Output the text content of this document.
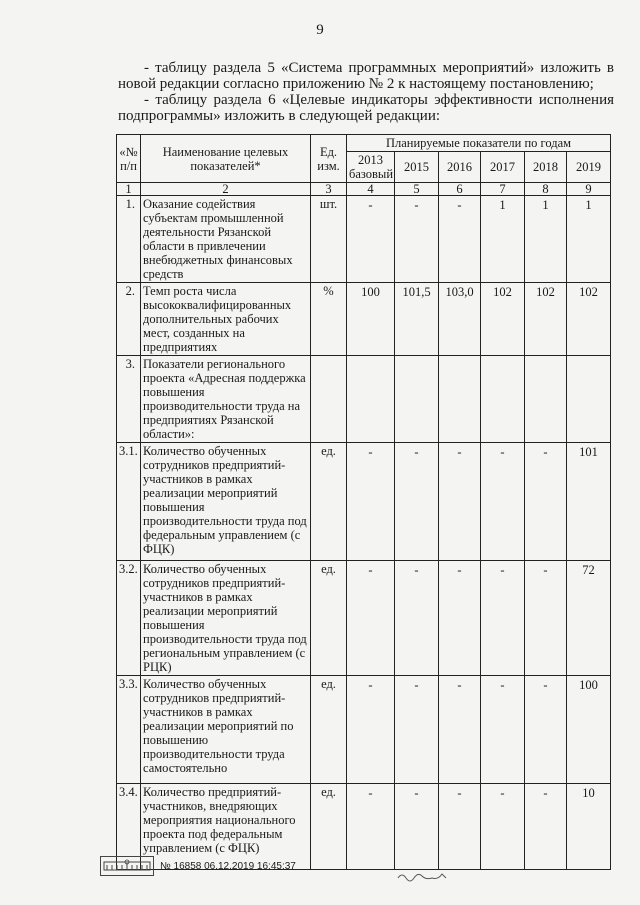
9

- таблицу раздела 5 «Система программных мероприятий» изложить в новой редакции согласно приложению № 2 к настоящему постановлению;

- таблицу раздела 6 «Целевые индикаторы эффективности исполнения подпрограммы» изложить в следующей редакции:

«№ п/п	Наименование целевых показателей*	Ед. изм.	Планируемые показатели по годам					
			2013 базовый	2015	2016	2017	2018	2019
1	2	3	4	5	6	7	8	9
1.	Оказание содействия субъектам промышленной деятельности Рязанской области в привлечении внебюджетных финансовых средств	шт.	-	-	-	1	1	1
2.	Темп роста числа высококвалифицированных дополнительных рабочих мест, созданных на предприятиях	%	100	101,5	103,0	102	102	102
3.	Показатели регионального проекта «Адресная поддержка повышения производительности труда на предприятиях Рязанской области»:							
3.1.	Количество обученных сотрудников предприятий-участников в рамках реализации мероприятий повышения производительности труда под федеральным управлением (с ФЦК)	ед.	-	-	-	-	-	101
3.2.	Количество обученных сотрудников предприятий-участников в рамках реализации мероприятий повышения производительности труда под региональным управлением (с РЦК)	ед.	-	-	-	-	-	72
3.3.	Количество обученных сотрудников предприятий-участников в рамках реализации мероприятий по повышению производительности труда самостоятельно	ед.	-	-	-	-	-	100
3.4.	Количество предприятий-участников, внедряющих мероприятия национального проекта под федеральным управлением (с ФЦК)	ед.	-	-	-	-	-	10
№ 16858 06.12.2019 16:45:37
